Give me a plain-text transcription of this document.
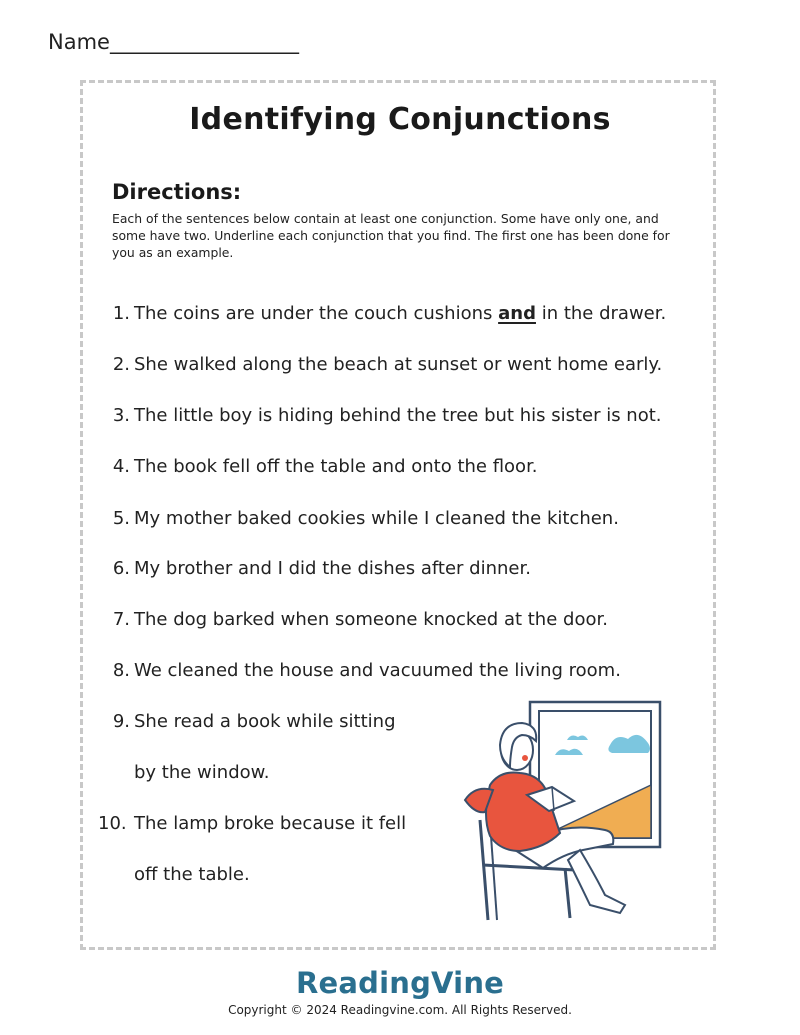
Name__________________
Identifying Conjunctions
Directions:
Each of the sentences below contain at least one conjunction. Some have only one, and some have two. Underline each conjunction that you find. The first one has been done for you as an example.
1. The coins are under the couch cushions and in the drawer.
2. She walked along the beach at sunset or went home early.
3. The little boy is hiding behind the tree but his sister is not.
4. The book fell off the table and onto the floor.
5. My mother baked cookies while I cleaned the kitchen.
6. My brother and I did the dishes after dinner.
7. The dog barked when someone knocked at the door.
8. We cleaned the house and vacuumed the living room.
9. She read a book while sitting
by the window.
10. The lamp broke because it fell
off the table.
ReadingVine
Copyright © 2024 Readingvine.com. All Rights Reserved.
